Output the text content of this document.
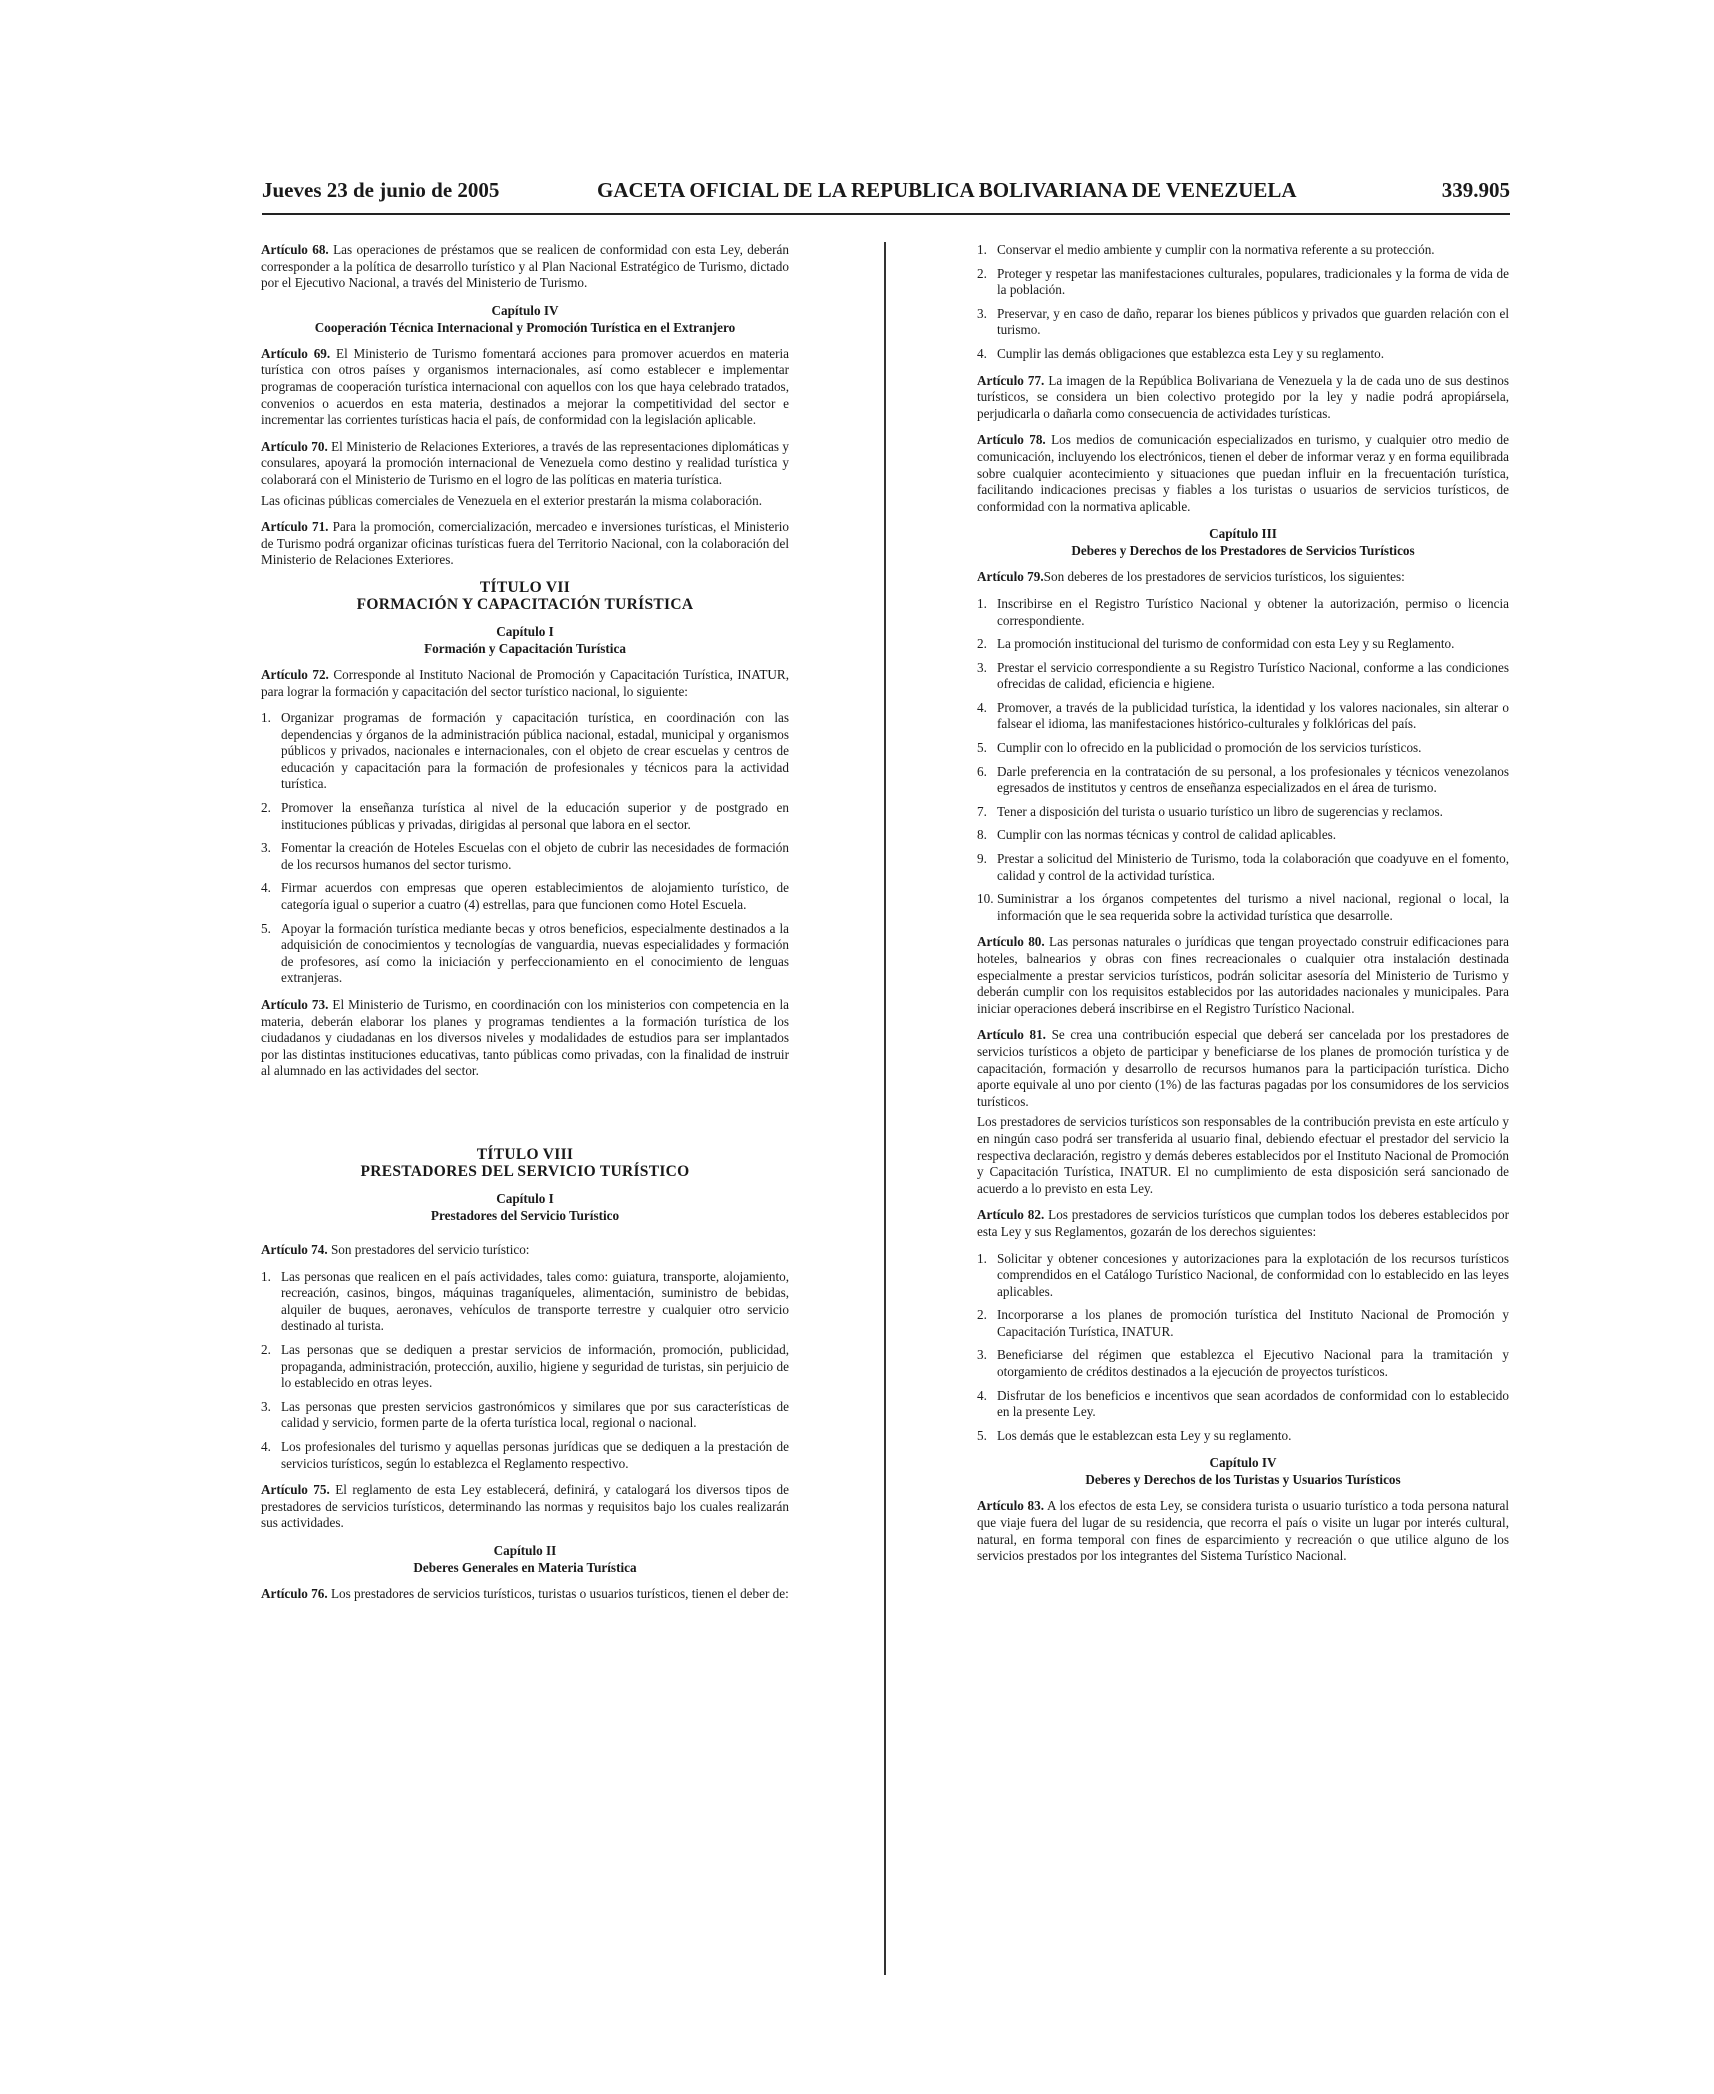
Jueves 23 de junio de 2005	GACETA OFICIAL DE LA REPUBLICA BOLIVARIANA DE VENEZUELA	339.905

Artículo 68. Las operaciones de préstamos que se realicen de conformidad con esta Ley, deberán corresponder a la política de desarrollo turístico y al Plan Nacional Estratégico de Turismo, dictado por el Ejecutivo Nacional, a través del Ministerio de Turismo.

Capítulo IV
Cooperación Técnica Internacional y Promoción Turística en el Extranjero

Artículo 69. El Ministerio de Turismo fomentará acciones para promover acuerdos en materia turística con otros países y organismos internacionales, así como establecer e implementar programas de cooperación turística internacional con aquellos con los que haya celebrado tratados, convenios o acuerdos en esta materia, destinados a mejorar la competitividad del sector e incrementar las corrientes turísticas hacia el país, de conformidad con la legislación aplicable.

Artículo 70. El Ministerio de Relaciones Exteriores, a través de las representaciones diplomáticas y consulares, apoyará la promoción internacional de Venezuela como destino y realidad turística y colaborará con el Ministerio de Turismo en el logro de las políticas en materia turística.

Las oficinas públicas comerciales de Venezuela en el exterior prestarán la misma colaboración.

Artículo 71. Para la promoción, comercialización, mercadeo e inversiones turísticas, el Ministerio de Turismo podrá organizar oficinas turísticas fuera del Territorio Nacional, con la colaboración del Ministerio de Relaciones Exteriores.

TÍTULO VII
FORMACIÓN Y CAPACITACIÓN TURÍSTICA
Capítulo I
Formación y Capacitación Turística

Artículo 72. Corresponde al Instituto Nacional de Promoción y Capacitación Turística, INATUR, para lograr la formación y capacitación del sector turístico nacional, lo siguiente:

1. Organizar programas de formación y capacitación turística, en coordinación con las dependencias y órganos de la administración pública nacional, estadal, municipal y organismos públicos y privados, nacionales e internacionales, con el objeto de crear escuelas y centros de educación y capacitación para la formación de profesionales y técnicos para la actividad turística.
2. Promover la enseñanza turística al nivel de la educación superior y de postgrado en instituciones públicas y privadas, dirigidas al personal que labora en el sector.
3. Fomentar la creación de Hoteles Escuelas con el objeto de cubrir las necesidades de formación de los recursos humanos del sector turismo.
4. Firmar acuerdos con empresas que operen establecimientos de alojamiento turístico, de categoría igual o superior a cuatro (4) estrellas, para que funcionen como Hotel Escuela.
5. Apoyar la formación turística mediante becas y otros beneficios, especialmente destinados a la adquisición de conocimientos y tecnologías de vanguardia, nuevas especialidades y formación de profesores, así como la iniciación y perfeccionamiento en el conocimiento de lenguas extranjeras.

Artículo 73. El Ministerio de Turismo, en coordinación con los ministerios con competencia en la materia, deberán elaborar los planes y programas tendientes a la formación turística de los ciudadanos y ciudadanas en los diversos niveles y modalidades de estudios para ser implantados por las distintas instituciones educativas, tanto públicas como privadas, con la finalidad de instruir al alumnado en las actividades del sector.

TÍTULO VIII
PRESTADORES DEL SERVICIO TURÍSTICO
Capítulo I
Prestadores del Servicio Turístico

Artículo 74. Son prestadores del servicio turístico:

1. Las personas que realicen en el país actividades, tales como: guiatura, transporte, alojamiento, recreación, casinos, bingos, máquinas traganíqueles, alimentación, suministro de bebidas, alquiler de buques, aeronaves, vehículos de transporte terrestre y cualquier otro servicio destinado al turista.
2. Las personas que se dediquen a prestar servicios de información, promoción, publicidad, propaganda, administración, protección, auxilio, higiene y seguridad de turistas, sin perjuicio de lo establecido en otras leyes.
3. Las personas que presten servicios gastronómicos y similares que por sus características de calidad y servicio, formen parte de la oferta turística local, regional o nacional.
4. Los profesionales del turismo y aquellas personas jurídicas que se dediquen a la prestación de servicios turísticos, según lo establezca el Reglamento respectivo.

Artículo 75. El reglamento de esta Ley establecerá, definirá, y catalogará los diversos tipos de prestadores de servicios turísticos, determinando las normas y requisitos bajo los cuales realizarán sus actividades.

Capítulo II
Deberes Generales en Materia Turística

Artículo 76. Los prestadores de servicios turísticos, turistas o usuarios turísticos, tienen el deber de:

1. Conservar el medio ambiente y cumplir con la normativa referente a su protección.
2. Proteger y respetar las manifestaciones culturales, populares, tradicionales y la forma de vida de la población.
3. Preservar, y en caso de daño, reparar los bienes públicos y privados que guarden relación con el turismo.
4. Cumplir las demás obligaciones que establezca esta Ley y su reglamento.

Artículo 77. La imagen de la República Bolivariana de Venezuela y la de cada uno de sus destinos turísticos, se considera un bien colectivo protegido por la ley y nadie podrá apropiársela, perjudicarla o dañarla como consecuencia de actividades turísticas.

Artículo 78. Los medios de comunicación especializados en turismo, y cualquier otro medio de comunicación, incluyendo los electrónicos, tienen el deber de informar veraz y en forma equilibrada sobre cualquier acontecimiento y situaciones que puedan influir en la frecuentación turística, facilitando indicaciones precisas y fiables a los turistas o usuarios de servicios turísticos, de conformidad con la normativa aplicable.

Capítulo III
Deberes y Derechos de los Prestadores de Servicios Turísticos

Artículo 79.Son deberes de los prestadores de servicios turísticos, los siguientes:

1. Inscribirse en el Registro Turístico Nacional y obtener la autorización, permiso o licencia correspondiente.
2. La promoción institucional del turismo de conformidad con esta Ley y su Reglamento.
3. Prestar el servicio correspondiente a su Registro Turístico Nacional, conforme a las condiciones ofrecidas de calidad, eficiencia e higiene.
4. Promover, a través de la publicidad turística, la identidad y los valores nacionales, sin alterar o falsear el idioma, las manifestaciones histórico-culturales y folklóricas del país.
5. Cumplir con lo ofrecido en la publicidad o promoción de los servicios turísticos.
6. Darle preferencia en la contratación de su personal, a los profesionales y técnicos venezolanos egresados de institutos y centros de enseñanza especializados en el área de turismo.
7. Tener a disposición del turista o usuario turístico un libro de sugerencias y reclamos.
8. Cumplir con las normas técnicas y control de calidad aplicables.
9. Prestar a solicitud del Ministerio de Turismo, toda la colaboración que coadyuve en el fomento, calidad y control de la actividad turística.
10. Suministrar a los órganos competentes del turismo a nivel nacional, regional o local, la información que le sea requerida sobre la actividad turística que desarrolle.

Artículo 80. Las personas naturales o jurídicas que tengan proyectado construir edificaciones para hoteles, balnearios y obras con fines recreacionales o cualquier otra instalación destinada especialmente a prestar servicios turísticos, podrán solicitar asesoría del Ministerio de Turismo y deberán cumplir con los requisitos establecidos por las autoridades nacionales y municipales. Para iniciar operaciones deberá inscribirse en el Registro Turístico Nacional.

Artículo 81. Se crea una contribución especial que deberá ser cancelada por los prestadores de servicios turísticos a objeto de participar y beneficiarse de los planes de promoción turística y de capacitación, formación y desarrollo de recursos humanos para la participación turística. Dicho aporte equivale al uno por ciento (1%) de las facturas pagadas por los consumidores de los servicios turísticos.

Los prestadores de servicios turísticos son responsables de la contribución prevista en este artículo y en ningún caso podrá ser transferida al usuario final, debiendo efectuar el prestador del servicio la respectiva declaración, registro y demás deberes establecidos por el Instituto Nacional de Promoción y Capacitación Turística, INATUR. El no cumplimiento de esta disposición será sancionado de acuerdo a lo previsto en esta Ley.

Artículo 82. Los prestadores de servicios turísticos que cumplan todos los deberes establecidos por esta Ley y sus Reglamentos, gozarán de los derechos siguientes:

1. Solicitar y obtener concesiones y autorizaciones para la explotación de los recursos turísticos comprendidos en el Catálogo Turístico Nacional, de conformidad con lo establecido en las leyes aplicables.
2. Incorporarse a los planes de promoción turística del Instituto Nacional de Promoción y Capacitación Turística, INATUR.
3. Beneficiarse del régimen que establezca el Ejecutivo Nacional para la tramitación y otorgamiento de créditos destinados a la ejecución de proyectos turísticos.
4. Disfrutar de los beneficios e incentivos que sean acordados de conformidad con lo establecido en la presente Ley.
5. Los demás que le establezcan esta Ley y su reglamento.
Capítulo IV
Deberes y Derechos de los Turistas y Usuarios Turísticos

Artículo 83. A los efectos de esta Ley, se considera turista o usuario turístico a toda persona natural que viaje fuera del lugar de su residencia, que recorra el país o visite un lugar por interés cultural, natural, en forma temporal con fines de esparcimiento y recreación o que utilice alguno de los servicios prestados por los integrantes del Sistema Turístico Nacional.
